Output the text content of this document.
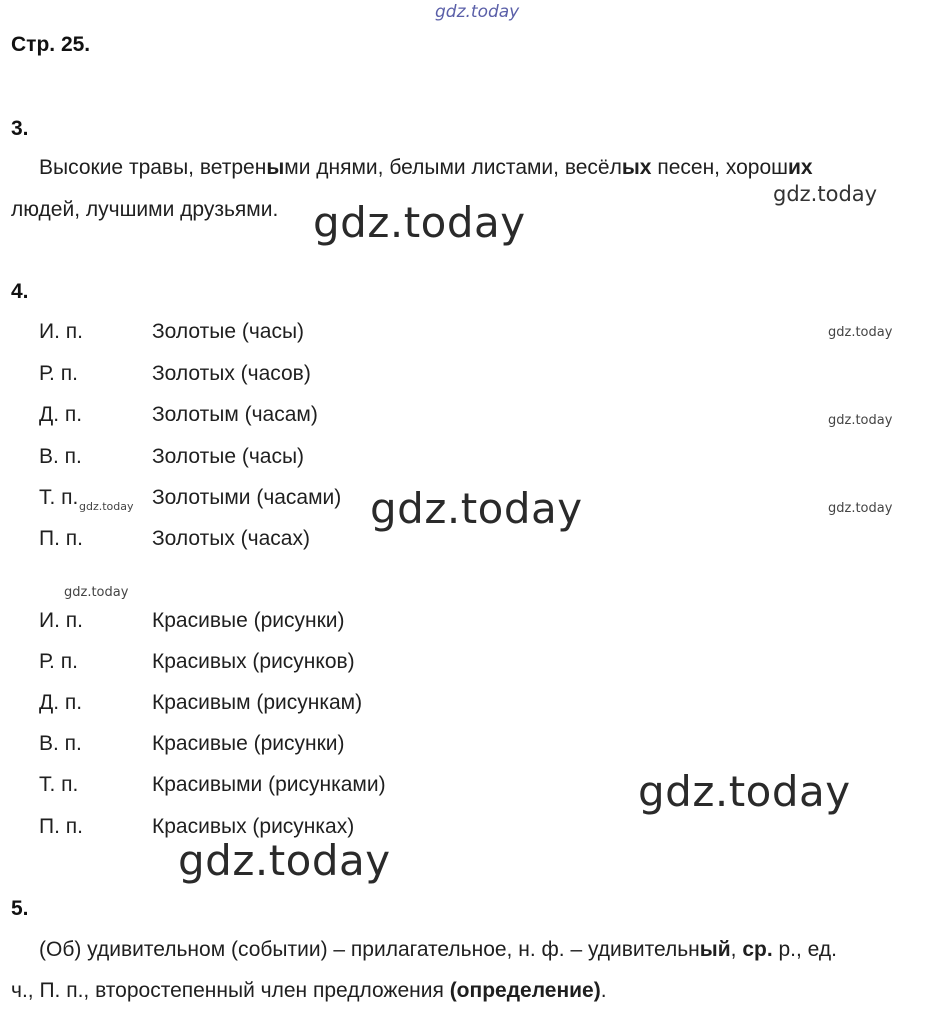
gdz.today
Стр. 25.
3.
Высокие травы, ветреными днями, белыми листами, весёлых песен, хороших
gdz.today
людей, лучшими друзьями. gdz.today
4.
И. п.	Золотые (часы)
Р. п.	Золотых (часов)
Д. п.	Золотым (часам)
В. п.	Золотые (часы)
Т. п.	Золотыми (часами)
П. п.	Золотых (часах)
gdz.today
gdz.today
gdz.today
gdz.today	gdz.today
gdz.today
И. п.	Красивые (рисунки)
Р. п.	Красивых (рисунков)
Д. п.	Красивым (рисункам)
В. п.	Красивые (рисунки)
Т. п.	Красивыми (рисунками)
П. п.	Красивых (рисунках)
gdz.today
gdz.today
5.
(Об) удивительном (событии) – прилагательное, н. ф. – удивительный, ср. р., ед.
ч., П. п., второстепенный член предложения (определение).
